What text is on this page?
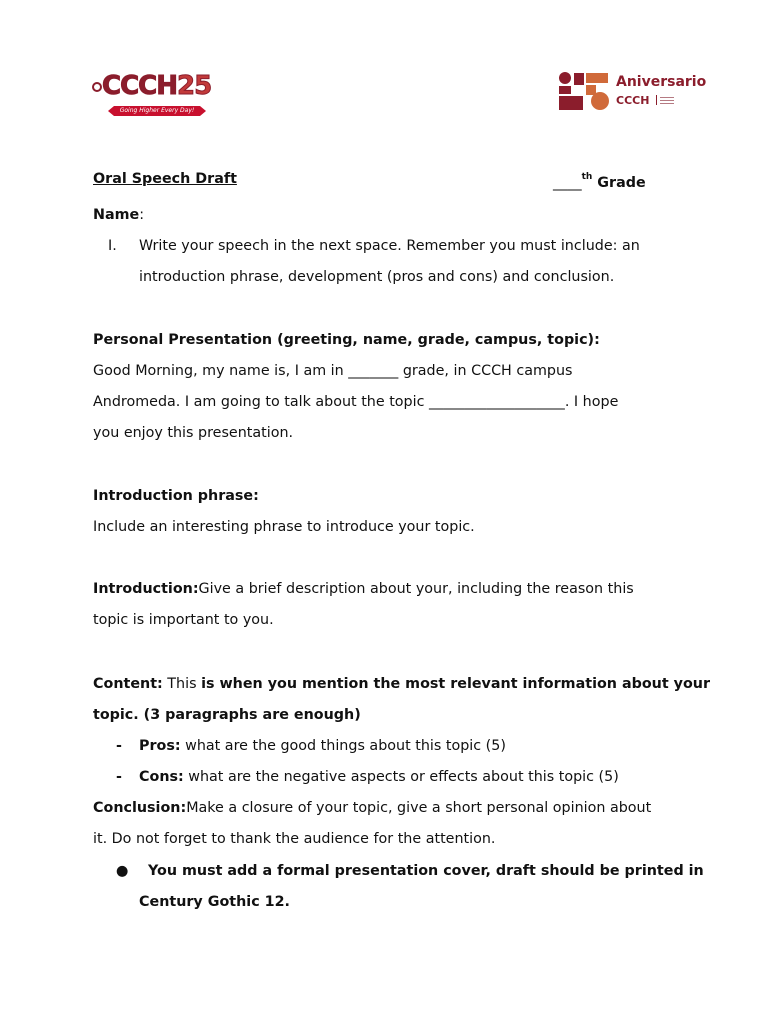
CCCH25
Going Higher Every Day!
Aniversario
CCCH
Oral Speech Draft	____$^{th}$ Grade
Name:
I. Write your speech in the next space. Remember you must include: an
introduction phrase, development (pros and cons) and conclusion.
Personal Presentation (greeting, name, grade, campus, topic):
Good Morning, my name is, I am in _______ grade, in CCCH campus
Andromeda. I am going to talk about the topic ___________________. I hope
you enjoy this presentation.
Introduction phrase:
Include an interesting phrase to introduce your topic.
Introduction:Give a brief description about your, including the reason this
topic is important to you.
Content: This is when you mention the most relevant information about your
topic. (3 paragraphs are enough)
- Pros: what are the good things about this topic (5)
- Cons: what are the negative aspects or effects about this topic (5)
Conclusion:Make a closure of your topic, give a short personal opinion about
it. Do not forget to thank the audience for the attention.
● You must add a formal presentation cover, draft should be printed in
Century Gothic 12.
